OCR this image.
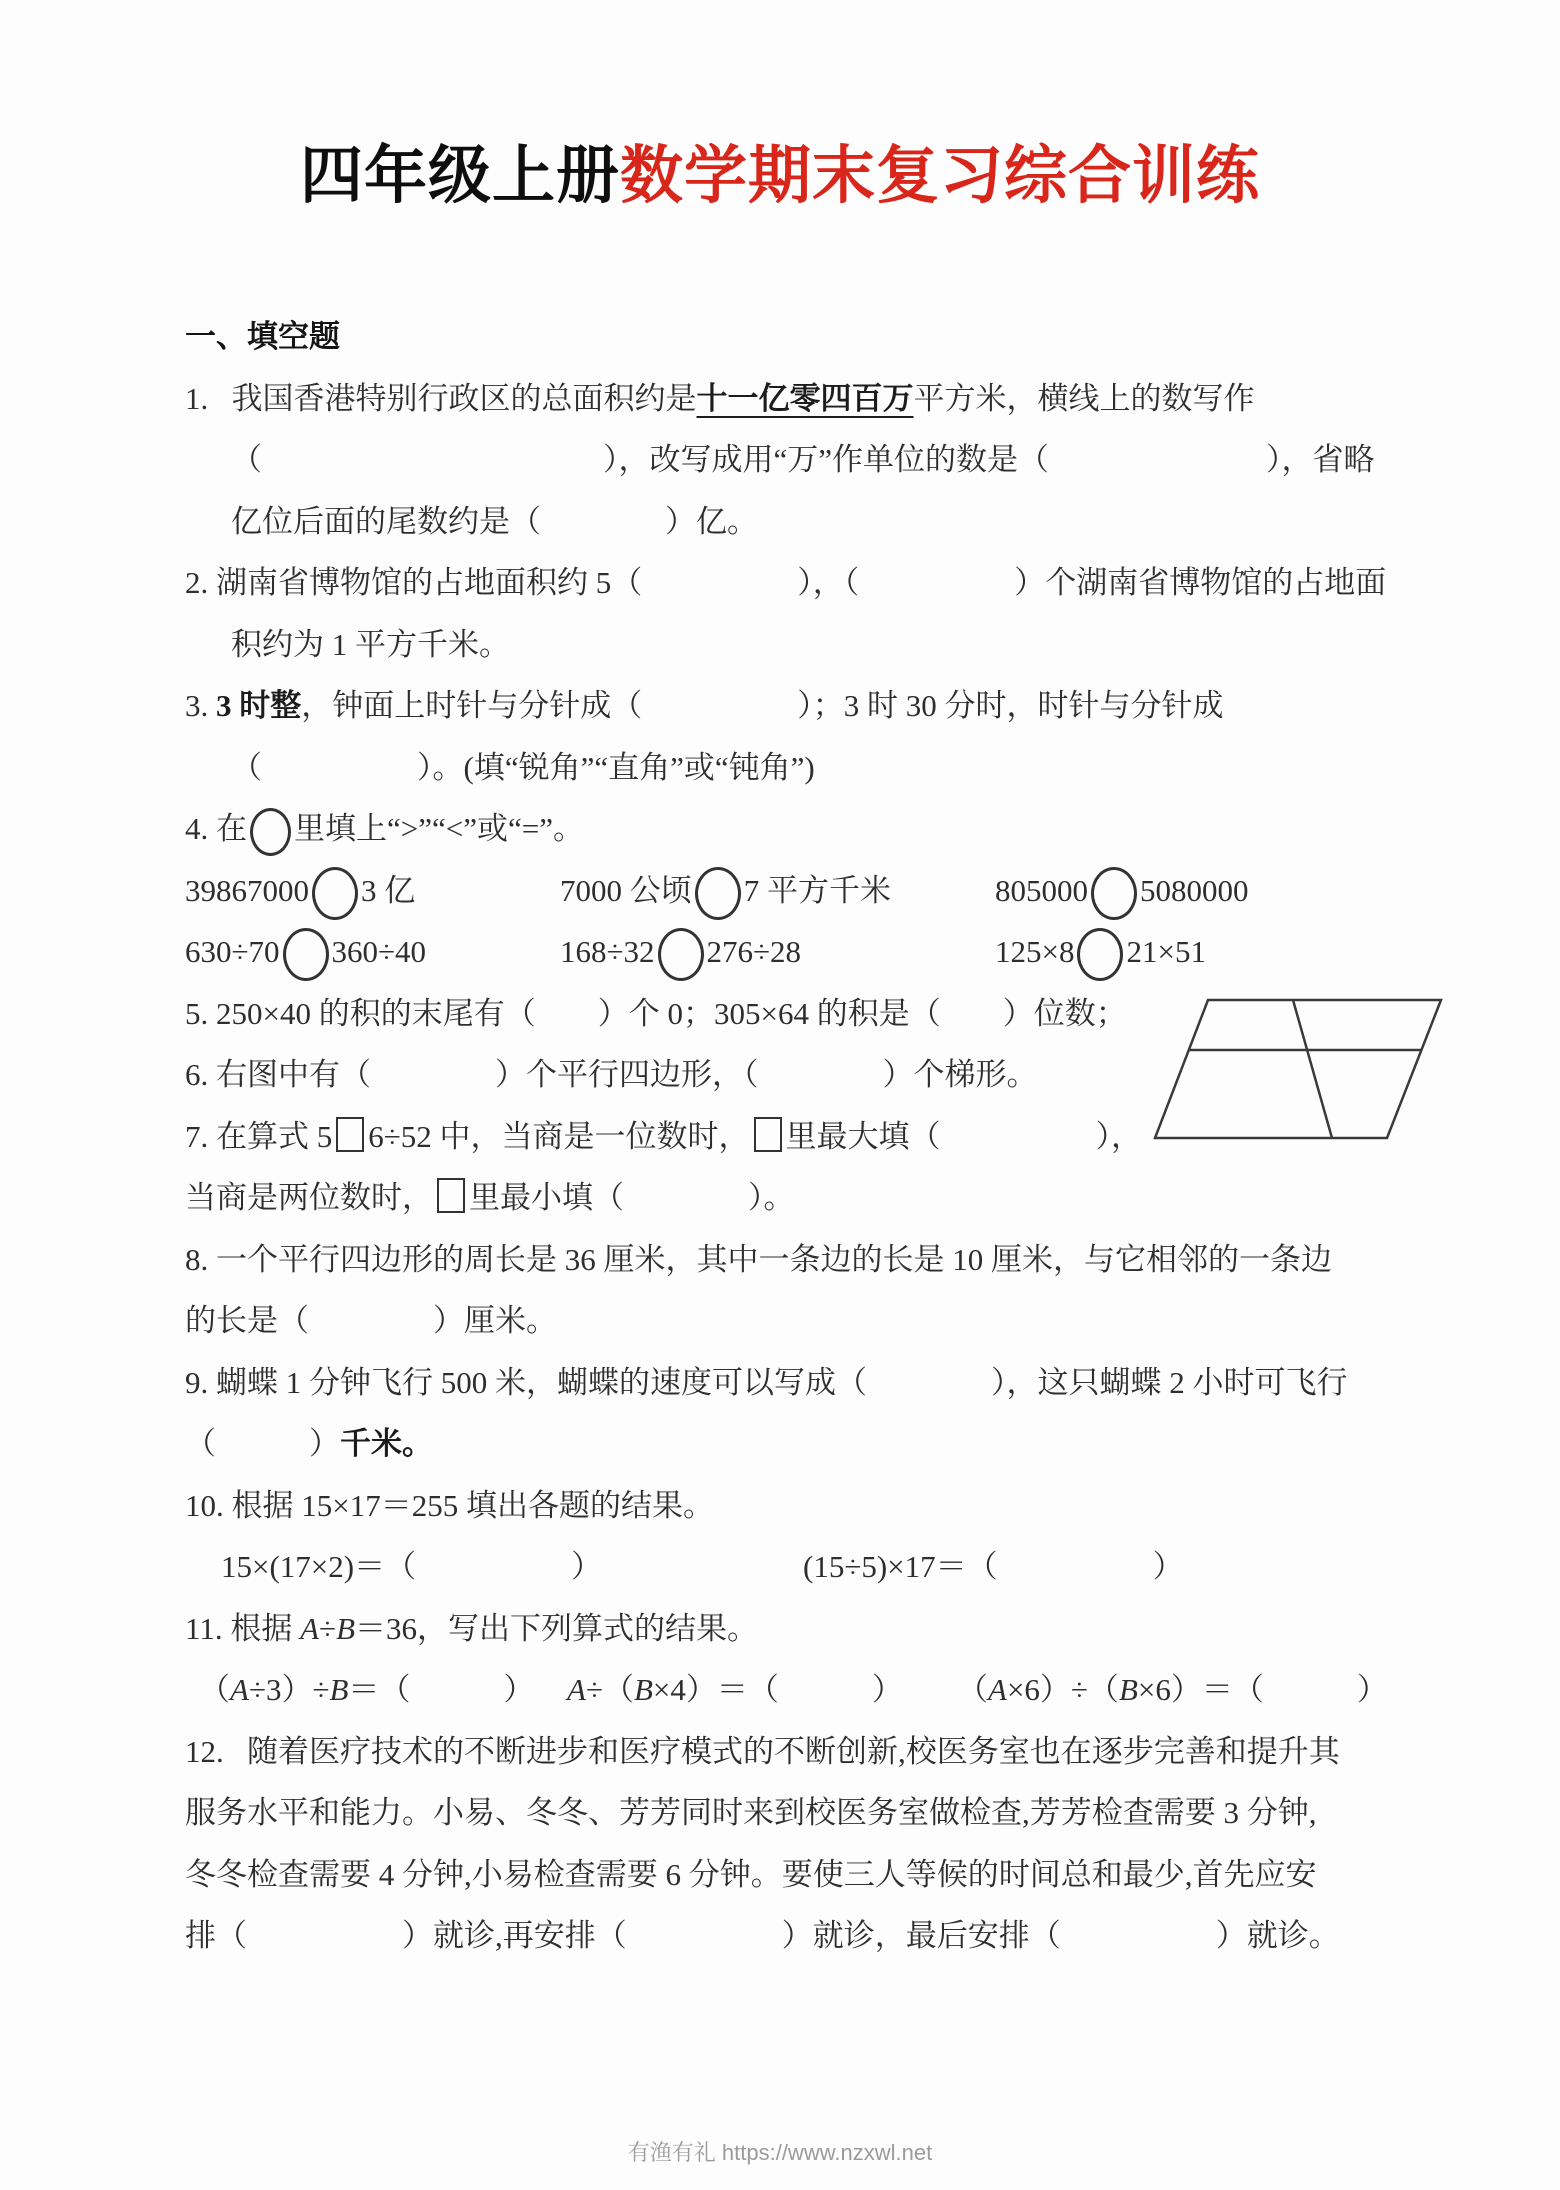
四年级上册数学期末复习综合训练
一、填空题
1.  我国香港特别行政区的总面积约是十一亿零四百万平方米，横线上的数写作
（　　　　　　　　　　　），改写成用“万”作单位的数是（　　　　　　　），省略
亿位后面的尾数约是（　　　　）亿。
2. 湖南省博物馆的占地面积约 5（　　　　　），（　　　　　）个湖南省博物馆的占地面
积约为 1 平方千米。
3. 3 时整，钟面上时针与分针成（　　　　　）；3 时 30 分时，时针与分针成
（　　　　　）。(填“锐角”“直角”或“钝角”)
4. 在 里填上“>”“<”或“=”。
39867000 3 亿	7000 公顷 7 平方千米	805000 5080000
630÷70 360÷40	168÷32 276÷28	125×8 21×51
5. 250×40 的积的末尾有（　　）个 0；305×64 的积是（　　）位数；
6. 右图中有（　　　　）个平行四边形，（　　　　）个梯形。
7. 在算式 5 6÷52 中，当商是一位数时， 里最大填（　　　　　），
当商是两位数时， 里最小填（　　　　）。
8. 一个平行四边形的周长是 36 厘米，其中一条边的长是 10 厘米，与它相邻的一条边
的长是（　　　　）厘米。
9. 蝴蝶 1 分钟飞行 500 米，蝴蝶的速度可以写成（　　　　），这只蝴蝶 2 小时可飞行
（　　　）千米。
10. 根据 15×17＝255 填出各题的结果。
15×(17×2)＝（　　　　　）	(15÷5)×17＝（　　　　　）
11. 根据 A÷B＝36，写出下列算式的结果。
（A÷3）÷B＝（　　　）	A÷（B×4）＝（　　　）	（A×6）÷（B×6）＝（　　　）
12.  随着医疗技术的不断进步和医疗模式的不断创新,校医务室也在逐步完善和提升其
服务水平和能力。小易、冬冬、芳芳同时来到校医务室做检查,芳芳检查需要 3 分钟,
冬冬检查需要 4 分钟,小易检查需要 6 分钟。要使三人等候的时间总和最少,首先应安
排（　　　　　）就诊,再安排（　　　　　）就诊，最后安排（　　　　　）就诊。
有渔有礼 https://www.nzxwl.net
